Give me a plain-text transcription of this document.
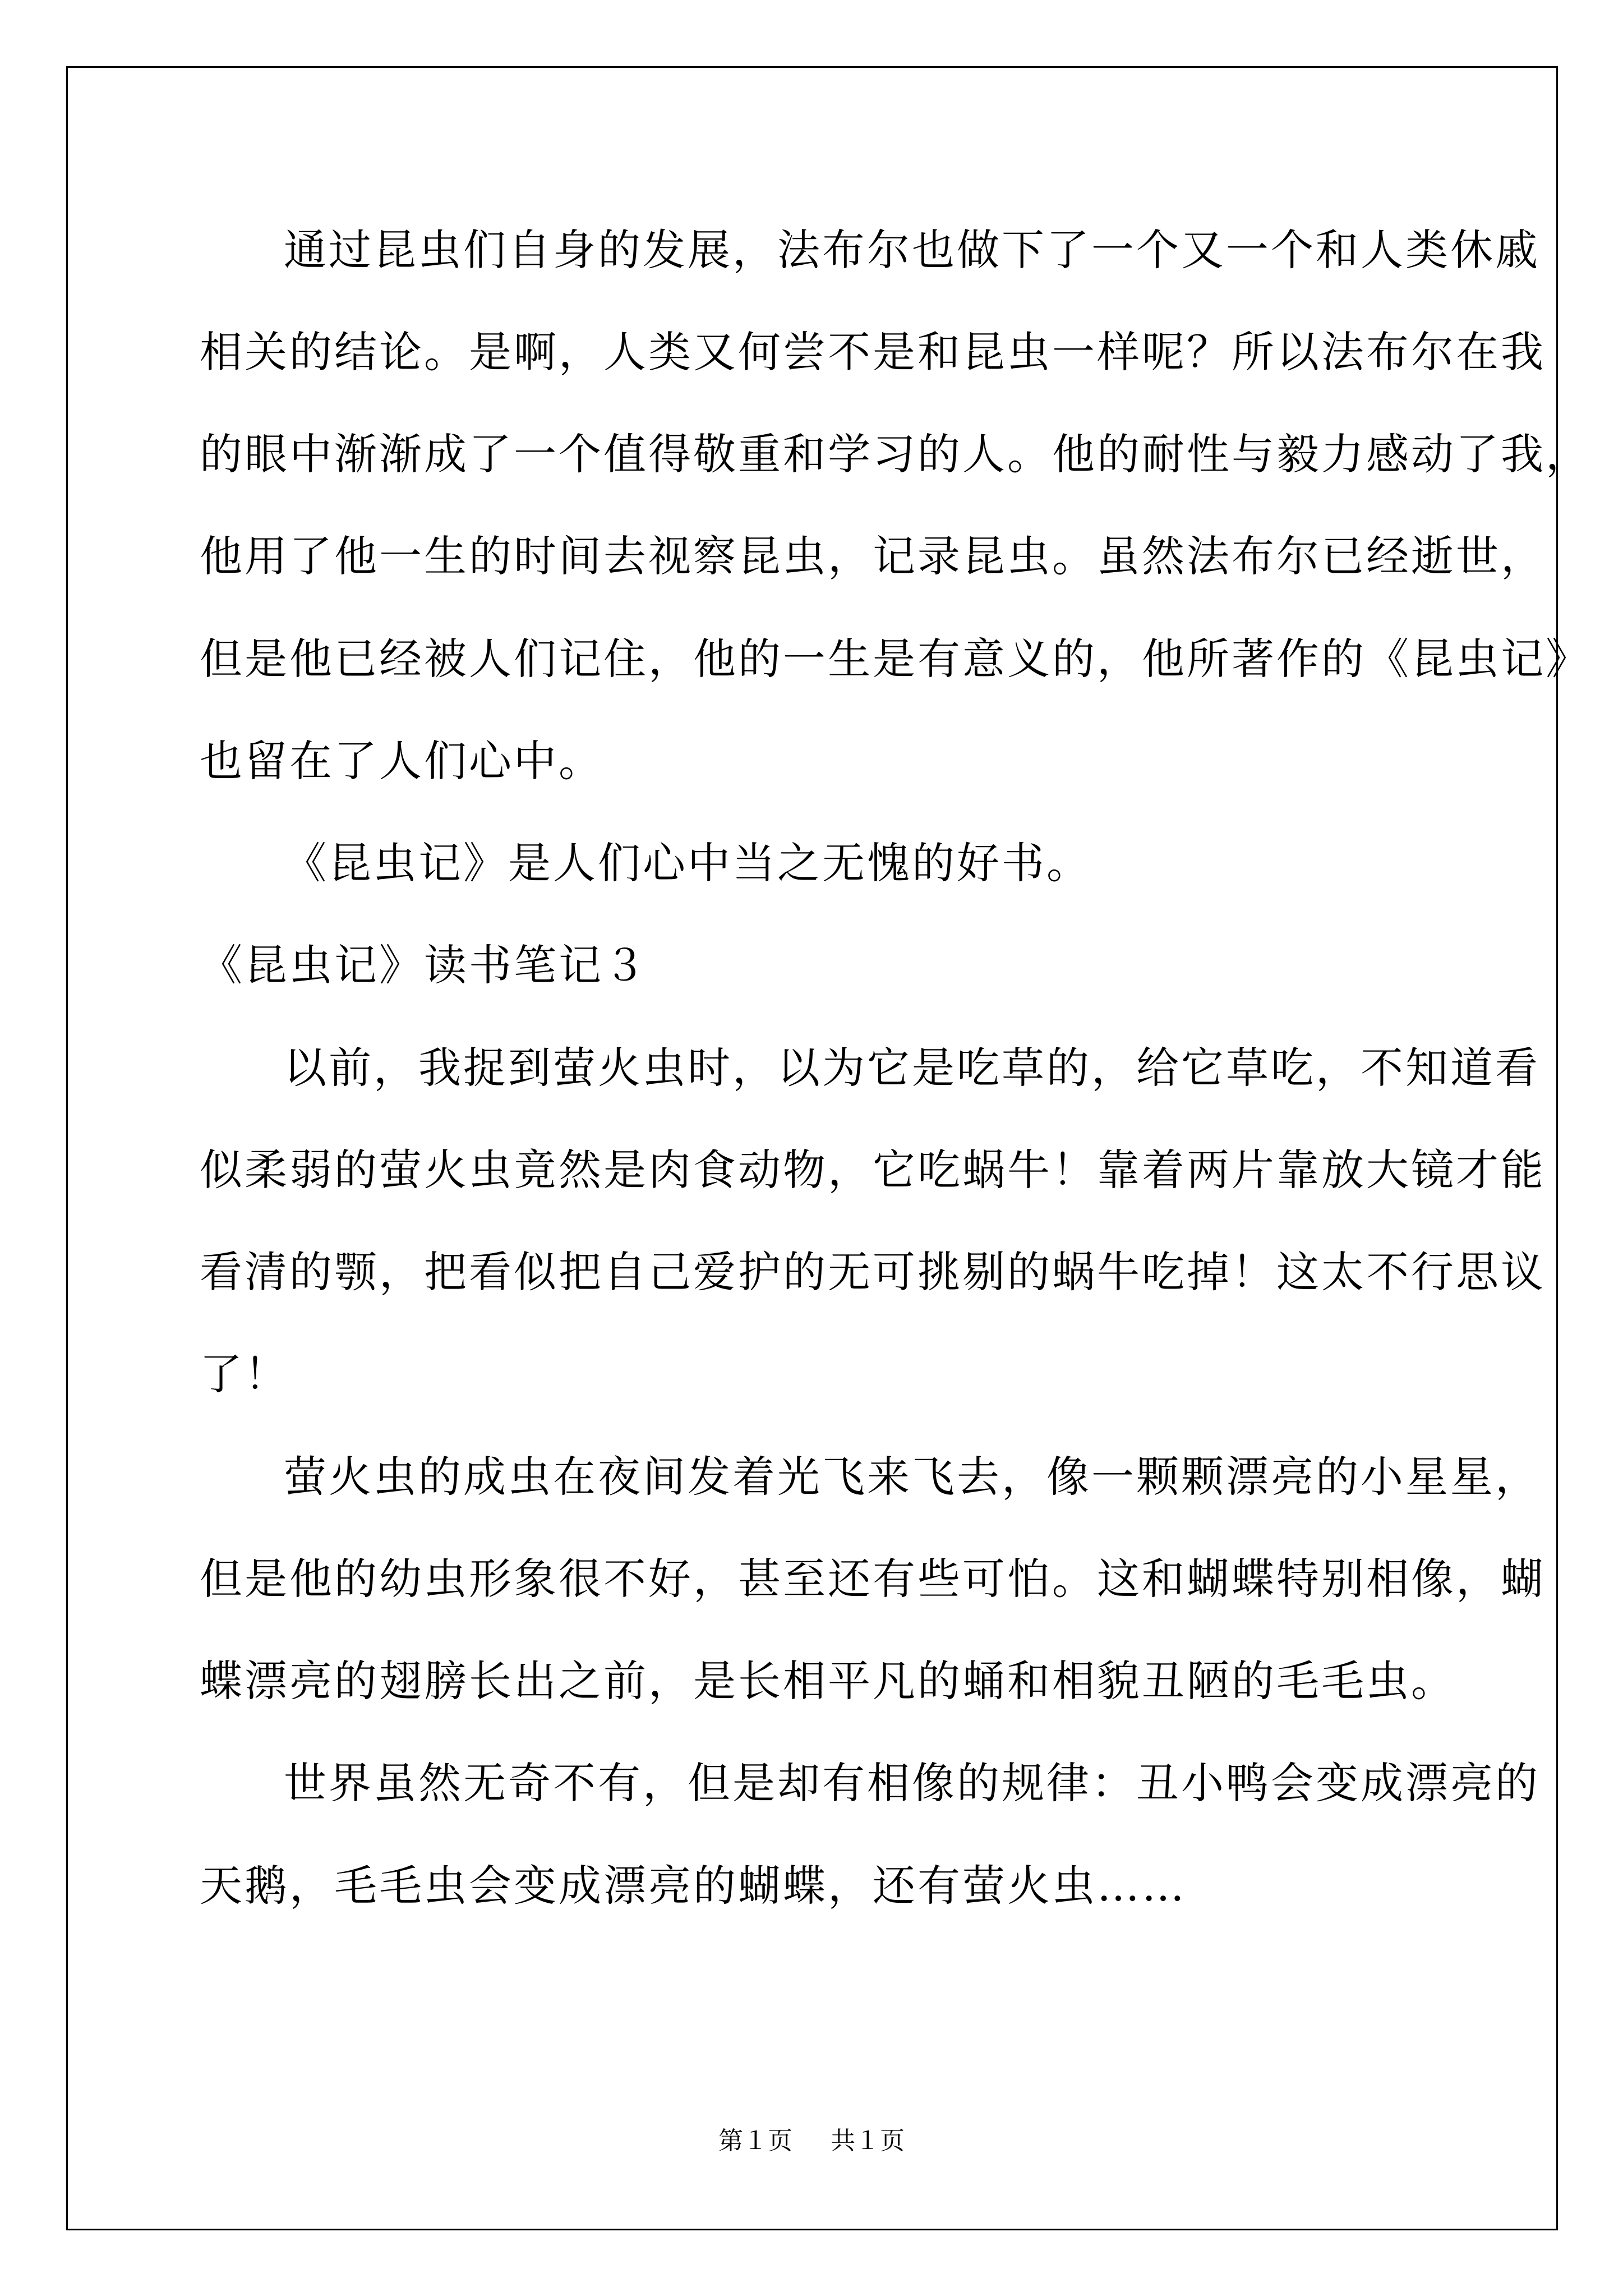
通过昆虫们自身的发展，法布尔也做下了一个又一个和人类休戚
相关的结论。是啊，人类又何尝不是和昆虫一样呢？所以法布尔在我
的眼中渐渐成了一个值得敬重和学习的人。他的耐性与毅力感动了我，
他用了他一生的时间去视察昆虫，记录昆虫。虽然法布尔已经逝世，
但是他已经被人们记住，他的一生是有意义的，他所著作的《昆虫记》
也留在了人们心中。
《昆虫记》是人们心中当之无愧的好书。
《昆虫记》读书笔记３
以前，我捉到萤火虫时，以为它是吃草的，给它草吃，不知道看
似柔弱的萤火虫竟然是肉食动物，它吃蜗牛！靠着两片靠放大镜才能
看清的颚，把看似把自己爱护的无可挑剔的蜗牛吃掉！这太不行思议
了！
萤火虫的成虫在夜间发着光飞来飞去，像一颗颗漂亮的小星星，
但是他的幼虫形象很不好，甚至还有些可怕。这和蝴蝶特别相像，蝴
蝶漂亮的翅膀长出之前，是长相平凡的蛹和相貌丑陋的毛毛虫。
世界虽然无奇不有，但是却有相像的规律：丑小鸭会变成漂亮的
天鹅，毛毛虫会变成漂亮的蝴蝶，还有萤火虫……
第１页 共１页
